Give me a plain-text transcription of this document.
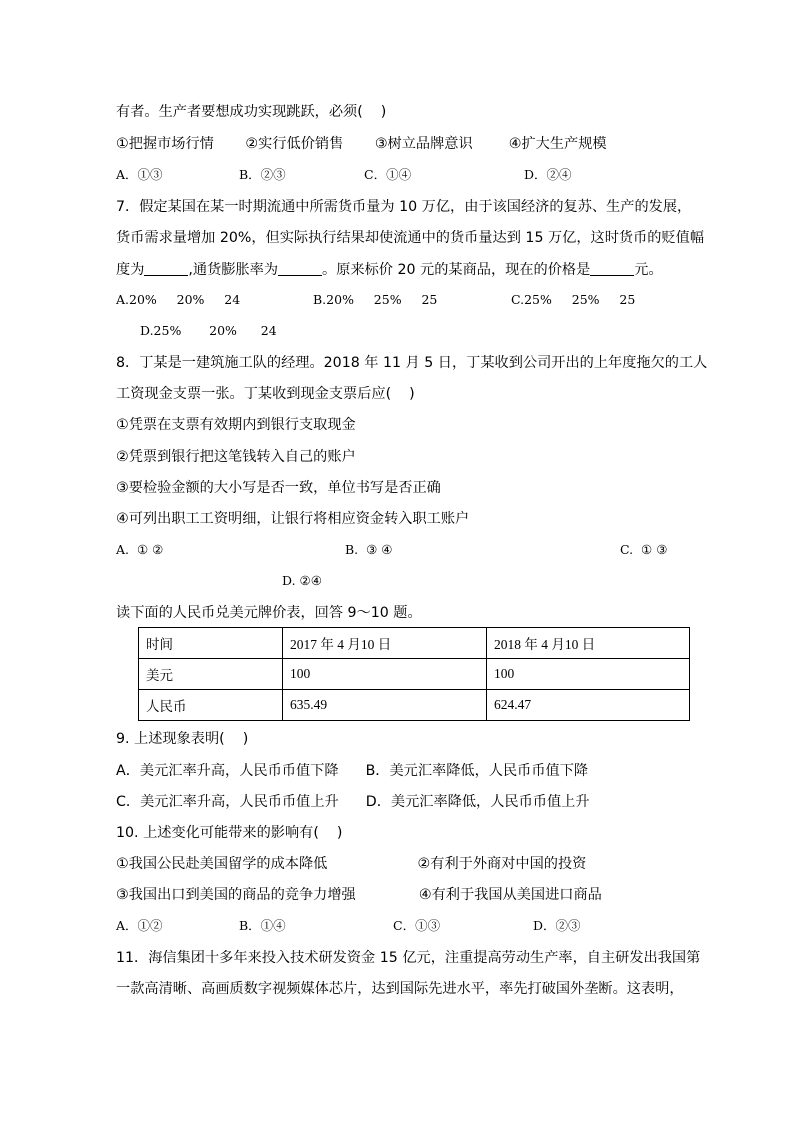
有者。生产者要想成功实现跳跃，必须(    )
①把握市场行情       ②实行低价销售       ③树立品牌意识        ④扩大生产规模
A．①③	B．②③	C．①④	D．②④
7．假定某国在某一时期流通中所需货币量为 10 万亿，由于该国经济的复苏、生产的发展，
货币需求量增加 20%，但实际执行结果却使流通中的货币量达到 15 万亿，这时货币的贬值幅
度为	,通货膨胀率为	。原来标价 20 元的某商品，现在的价格是	元。
A.20%     20%     24	B.20%     25%     25	C.25%     25%     25
D.25%       20%      24
8．丁某是一建筑施工队的经理。2018 年 11 月 5 日，丁某收到公司开出的上年度拖欠的工人
工资现金支票一张。丁某收到现金支票后应(    )
①凭票在支票有效期内到银行支取现金
②凭票到银行把这笔钱转入自己的账户
③要检验金额的大小写是否一致，单位书写是否正确
④可列出职工工资明细，让银行将相应资金转入职工账户
A.  ① ②	B.  ③ ④	C.  ① ③
D. ②④
读下面的人民币兑美元牌价表，回答 9～10 题。
时间	2017 年 4 月10 日	2018 年 4 月10 日
美元	100	100
人民币	635.49	624.47
9. 上述现象表明(    )
A．美元汇率升高，人民币币值下降      B．美元汇率降低，人民币币值下降
C．美元汇率升高，人民币币值上升      D．美元汇率降低，人民币币值上升
10. 上述变化可能带来的影响有(    )
①我国公民赴美国留学的成本降低                    ②有利于外商对中国的投资
③我国出口到美国的商品的竞争力增强              ④有利于我国从美国进口商品
A．①②	B．①④	C．①③	D．②③
11．海信集团十多年来投入技术研发资金 15 亿元，注重提高劳动生产率，自主研发出我国第
一款高清晰、高画质数字视频媒体芯片，达到国际先进水平，率先打破国外垄断。这表明，
